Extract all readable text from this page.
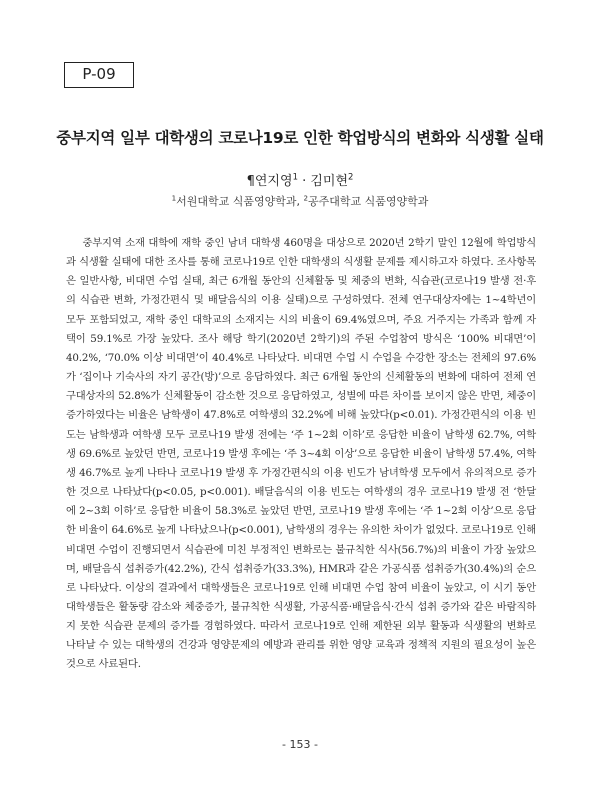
P-09
중부지역 일부 대학생의 코로나19로 인한 학업방식의 변화와 식생활 실태
¶연지영$^1$ · 김미현$^2$
$^1$서원대학교 식품영양학과, $^2$공주대학교 식품영양학과

중부지역 소재 대학에 재학 중인 남녀 대학생 460명을 대상으로 2020년 2학기 말인 12월에 학업방식과 식생활 실태에 대한 조사를 통해 코로나19로 인한 대학생의 식생활 문제를 제시하고자 하였다. 조사항목은 일반사항, 비대면 수업 실태, 최근 6개월 동안의 신체활동 및 체중의 변화, 식습관(코로나19 발생 전·후의 식습관 변화, 가정간편식 및 배달음식의 이용 실태)으로 구성하였다. 전체 연구대상자에는 1~4학년이 모두 포함되었고, 재학 중인 대학교의 소재지는 시의 비율이 69.4%였으며, 주요 거주지는 가족과 함께 자택이 59.1%로 가장 높았다. 조사 해당 학기(2020년 2학기)의 주된 수업참여 방식은 ‘100% 비대면’이 40.2%, ‘70.0% 이상 비대면’이 40.4%로 나타났다. 비대면 수업 시 수업을 수강한 장소는 전체의 97.6%가 ‘집이나 기숙사의 자기 공간(방)’으로 응답하였다. 최근 6개월 동안의 신체활동의 변화에 대하여 전체 연구대상자의 52.8%가 신체활동이 감소한 것으로 응답하였고, 성별에 따른 차이를 보이지 않은 반면, 체중이 증가하였다는 비율은 남학생이 47.8%로 여학생의 32.2%에 비해 높았다(p<0.01). 가정간편식의 이용 빈도는 남학생과 여학생 모두 코로나19 발생 전에는 ‘주 1~2회 이하’로 응답한 비율이 남학생 62.7%, 여학생 69.6%로 높았던 반면, 코로나19 발생 후에는 ‘주 3~4회 이상’으로 응답한 비율이 남학생 57.4%, 여학생 46.7%로 높게 나타나 코로나19 발생 후 가정간편식의 이용 빈도가 남녀학생 모두에서 유의적으로 증가한 것으로 나타났다(p<0.05, p<0.001). 배달음식의 이용 빈도는 여학생의 경우 코로나19 발생 전 ‘한달에 2~3회 이하’로 응답한 비율이 58.3%로 높았던 반면, 코로나19 발생 후에는 ‘주 1~2회 이상’으로 응답한 비율이 64.6%로 높게 나타났으나(p<0.001), 남학생의 경우는 유의한 차이가 없었다. 코로나19로 인해 비대면 수업이 진행되면서 식습관에 미친 부정적인 변화로는 불규칙한 식사(56.7%)의 비율이 가장 높았으며, 배달음식 섭취증가(42.2%), 간식 섭취증가(33.3%), HMR과 같은 가공식품 섭취증가(30.4%)의 순으로 나타났다. 이상의 결과에서 대학생들은 코로나19로 인해 비대면 수업 참여 비율이 높았고, 이 시기 동안 대학생들은 활동량 감소와 체중증가, 불규칙한 식생활, 가공식품·배달음식·간식 섭취 증가와 같은 바람직하지 못한 식습관 문제의 증가를 경험하였다. 따라서 코로나19로 인해 제한된 외부 활동과 식생활의 변화로 나타날 수 있는 대학생의 건강과 영양문제의 예방과 관리를 위한 영양 교육과 정책적 지원의 필요성이 높은 것으로 사료된다.

- 153 -
